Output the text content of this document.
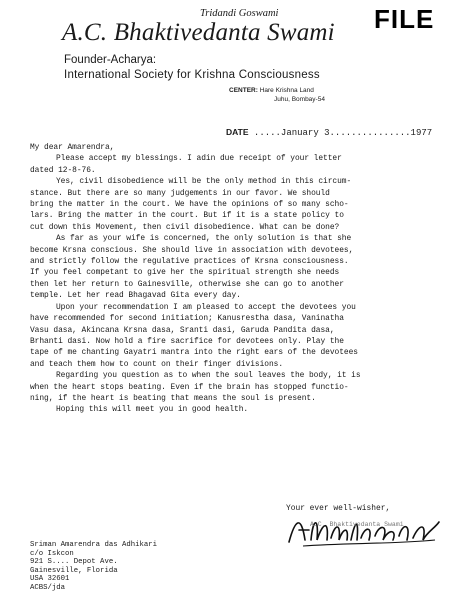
FILE
Tridandi Goswami
A.C. Bhaktivedanta Swami
Founder-Acharya:
International Society for Krishna Consciousness
CENTER: Hare Krishna Land
Juhu, Bombay-54
DATE .....January 3...............1977

My dear Amarendra,

Please accept my blessings. I adin due receipt of your letter

dated 12-8-76.

Yes, civil disobedience will be the only method in this circum-

stance. But there are so many judgements in our favor. We should

bring the matter in the court. We have the opinions of so many scho-

lars. Bring the matter in the court. But if it is a state policy to

cut down this Movement, then civil disobedience. What can be done?

As far as your wife is concerned, the only solution is that she

become Krsna conscious. She should live in association with devotees,

and strictly follow the regulative practices of Krsna consciousness.

If you feel competant to give her the spiritual strength she needs

then let her return to Gainesville, otherwise she can go to another

temple. Let her read Bhagavad Gita every day.

Upon your recommendation I am pleased to accept the devotees you

have recommended for second initiation; Kanusrestha dasa, Vaninatha

Vasu dasa, Akincana Krsna dasa, Sranti dasi, Garuda Pandita dasa,

Brhanti dasi. Now hold a fire sacrifice for devotees only. Play the

tape of me chanting Gayatri mantra into the right ears of the devotees

and teach them how to count on their finger divisions.

Regarding you question as to when the soul leaves the body, it is

when the heart stops beating. Even if the brain has stopped functio-

ning, if the heart is beating that means the soul is present.

Hoping this will meet you in good health.

Your ever well-wisher,
A.C. Bhaktivedanta Swami
Sriman Amarendra das Adhikari
c/o Iskcon
921 S.... Depot Ave.
Gainesville, Florida
USA 32601
ACBS/jda
